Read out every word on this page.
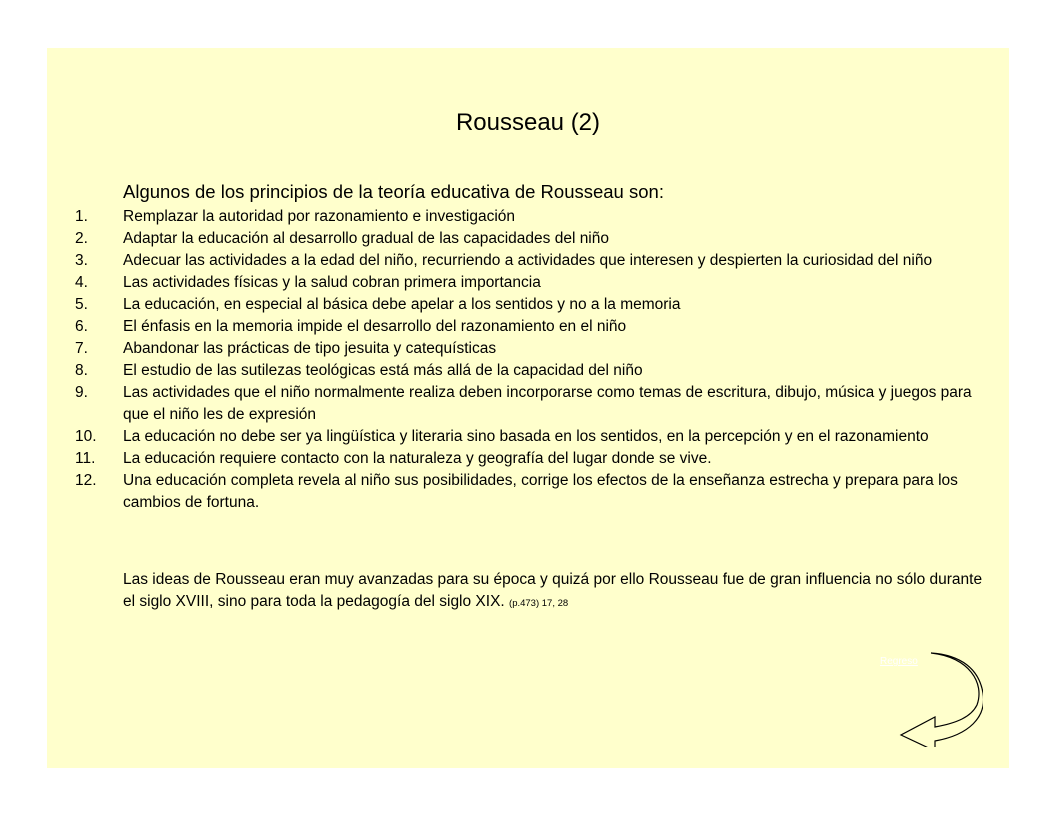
Rousseau (2)
Algunos de los principios de la teoría educativa de Rousseau son:
1.	Remplazar la autoridad por razonamiento e investigación
2.	Adaptar la educación al desarrollo gradual de las capacidades del niño
3.	Adecuar las actividades a la edad del niño, recurriendo a actividades que interesen y despierten la curiosidad del niño
4.	Las actividades físicas y la salud cobran primera importancia
5.	La educación, en especial al básica debe apelar a los sentidos y no a la memoria
6.	El énfasis en la memoria impide el desarrollo del razonamiento en el niño
7.	Abandonar las prácticas de tipo jesuita y catequísticas
8.	El estudio de las sutilezas teológicas está más allá de la capacidad del niño
9.	Las actividades que el niño normalmente realiza deben incorporarse como temas de escritura, dibujo, música y juegos para que el niño les de expresión
10.	La educación no debe ser ya lingüística y literaria sino basada en los sentidos, en la percepción y en el razonamiento
11.	La educación requiere contacto con la naturaleza y geografía del lugar donde se vive.
12.	Una educación completa revela al niño sus posibilidades, corrige los efectos de la enseñanza estrecha y prepara para los cambios de fortuna.
Las ideas de Rousseau eran muy avanzadas para su época y quizá por ello Rousseau fue de gran influencia no sólo durante el siglo XVIII, sino para toda la pedagogía del siglo XIX. (p.473) 17, 28
Regreso
